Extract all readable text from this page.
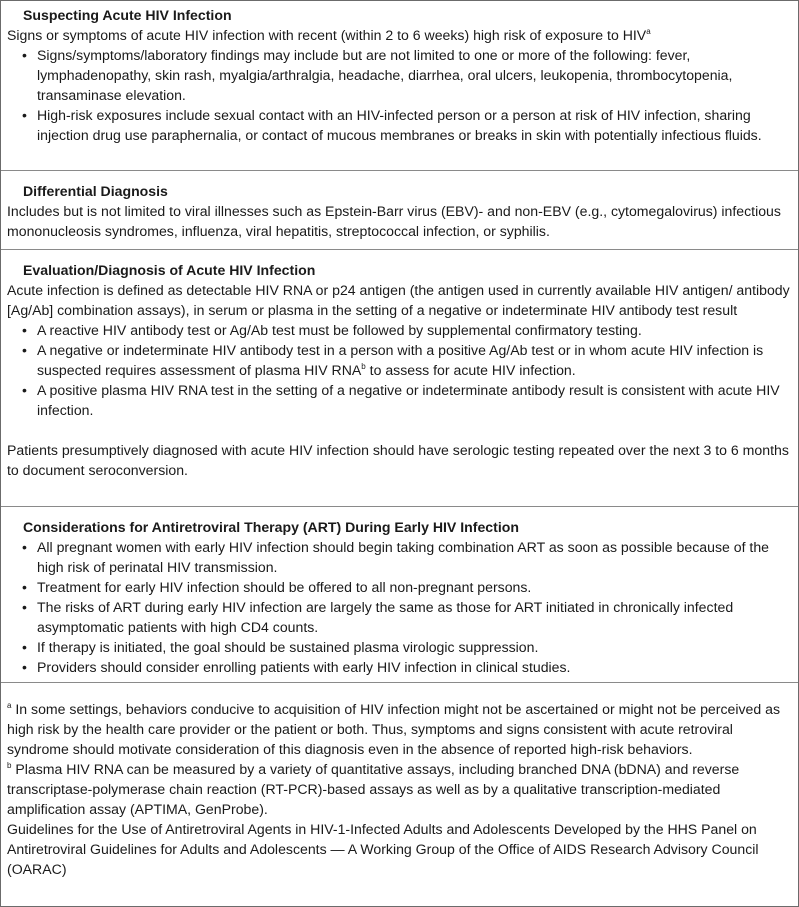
Suspecting Acute HIV Infection

Signs or symptoms of acute HIV infection with recent (within 2 to 6 weeks) high risk of exposure to HIV$^a$

• Signs/symptoms/laboratory findings may include but are not limited to one or more of the following: fever, lymphadenopathy, skin rash, myalgia/arthralgia, headache, diarrhea, oral ulcers, leukopenia, thrombocytopenia, transaminase elevation.
• High-risk exposures include sexual contact with an HIV-infected person or a person at risk of HIV infection, sharing injection drug use paraphernalia, or contact of mucous membranes or breaks in skin with potentially infectious fluids.
Differential Diagnosis

Includes but is not limited to viral illnesses such as Epstein-Barr virus (EBV)- and non-EBV (e.g., cytomegalovirus) infectious mononucleosis syndromes, influenza, viral hepatitis, streptococcal infection, or syphilis.

Evaluation/Diagnosis of Acute HIV Infection

Acute infection is defined as detectable HIV RNA or p24 antigen (the antigen used in currently available HIV antigen/ antibody [Ag/Ab] combination assays), in serum or plasma in the setting of a negative or indeterminate HIV antibody test result

• A reactive HIV antibody test or Ag/Ab test must be followed by supplemental confirmatory testing.
• A negative or indeterminate HIV antibody test in a person with a positive Ag/Ab test or in whom acute HIV infection is suspected requires assessment of plasma HIV RNA$^b$ to assess for acute HIV infection.
• A positive plasma HIV RNA test in the setting of a negative or indeterminate antibody result is consistent with acute HIV infection.

Patients presumptively diagnosed with acute HIV infection should have serologic testing repeated over the next 3 to 6 months to document seroconversion.

Considerations for Antiretroviral Therapy (ART) During Early HIV Infection
• All pregnant women with early HIV infection should begin taking combination ART as soon as possible because of the high risk of perinatal HIV transmission.
• Treatment for early HIV infection should be offered to all non-pregnant persons.
• The risks of ART during early HIV infection are largely the same as those for ART initiated in chronically infected asymptomatic patients with high CD4 counts.
• If therapy is initiated, the goal should be sustained plasma virologic suppression.
• Providers should consider enrolling patients with early HIV infection in clinical studies.

$^a$ In some settings, behaviors conducive to acquisition of HIV infection might not be ascertained or might not be perceived as high risk by the health care provider or the patient or both. Thus, symptoms and signs consistent with acute retroviral syndrome should motivate consideration of this diagnosis even in the absence of reported high-risk behaviors.

$^b$ Plasma HIV RNA can be measured by a variety of quantitative assays, including branched DNA (bDNA) and reverse transcriptase-polymerase chain reaction (RT-PCR)-based assays as well as by a qualitative transcription-mediated amplification assay (APTIMA, GenProbe).

Guidelines for the Use of Antiretroviral Agents in HIV-1-Infected Adults and Adolescents Developed by the HHS Panel on Antiretroviral Guidelines for Adults and Adolescents — A Working Group of the Office of AIDS Research Advisory Council (OARAC)
